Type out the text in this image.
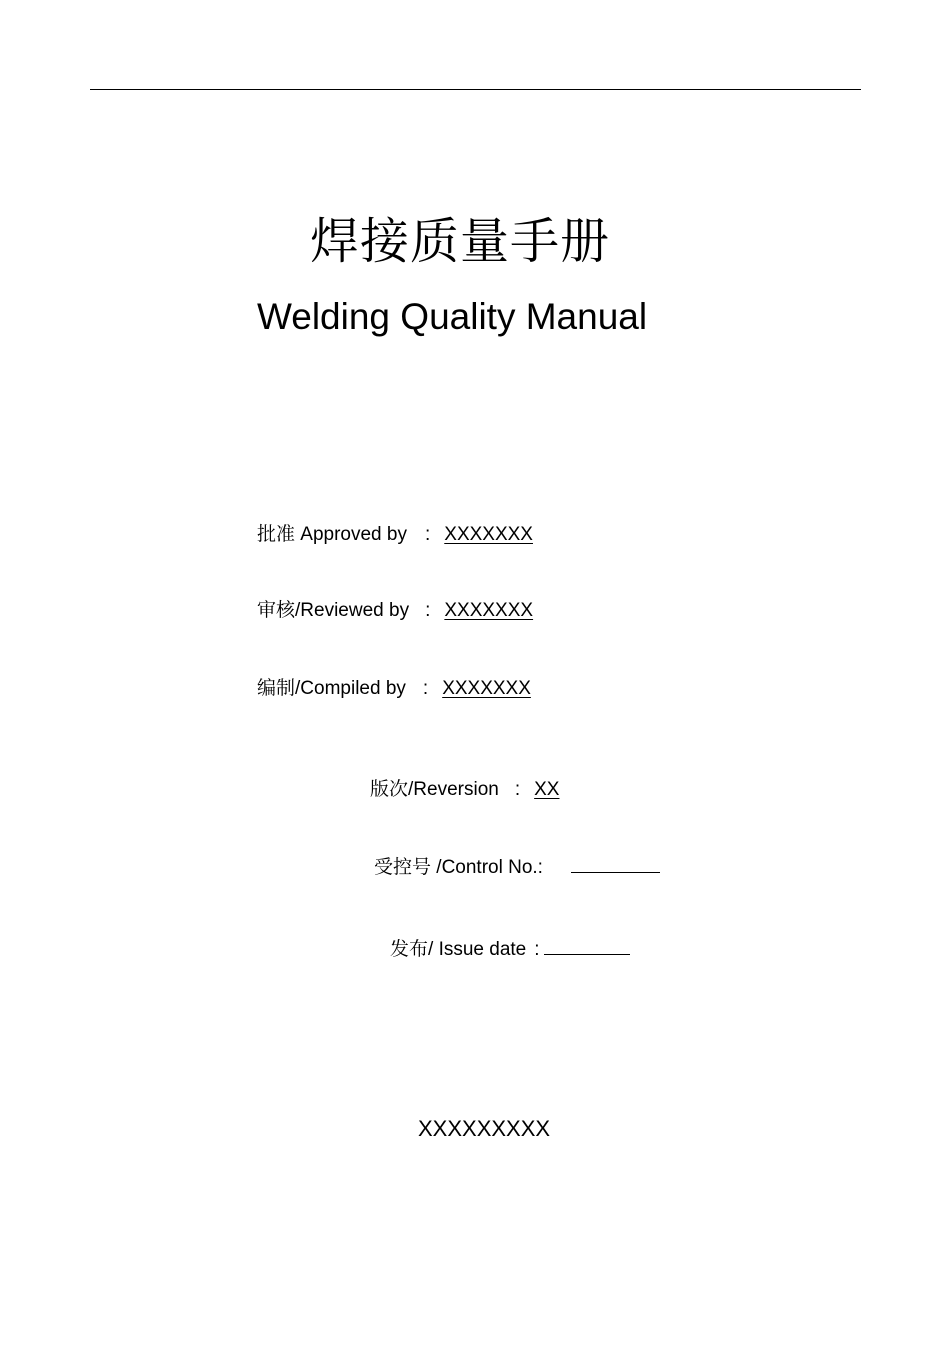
焊接质量手册
Welding Quality Manual
批准 Approved by : XXXXXXX
审核/Reviewed by : XXXXXXX
编制/Compiled by : XXXXXXX
版次/Reversion : XX
受控号 /Control No.:
发布/ Issue date :
XXXXXXXXX
